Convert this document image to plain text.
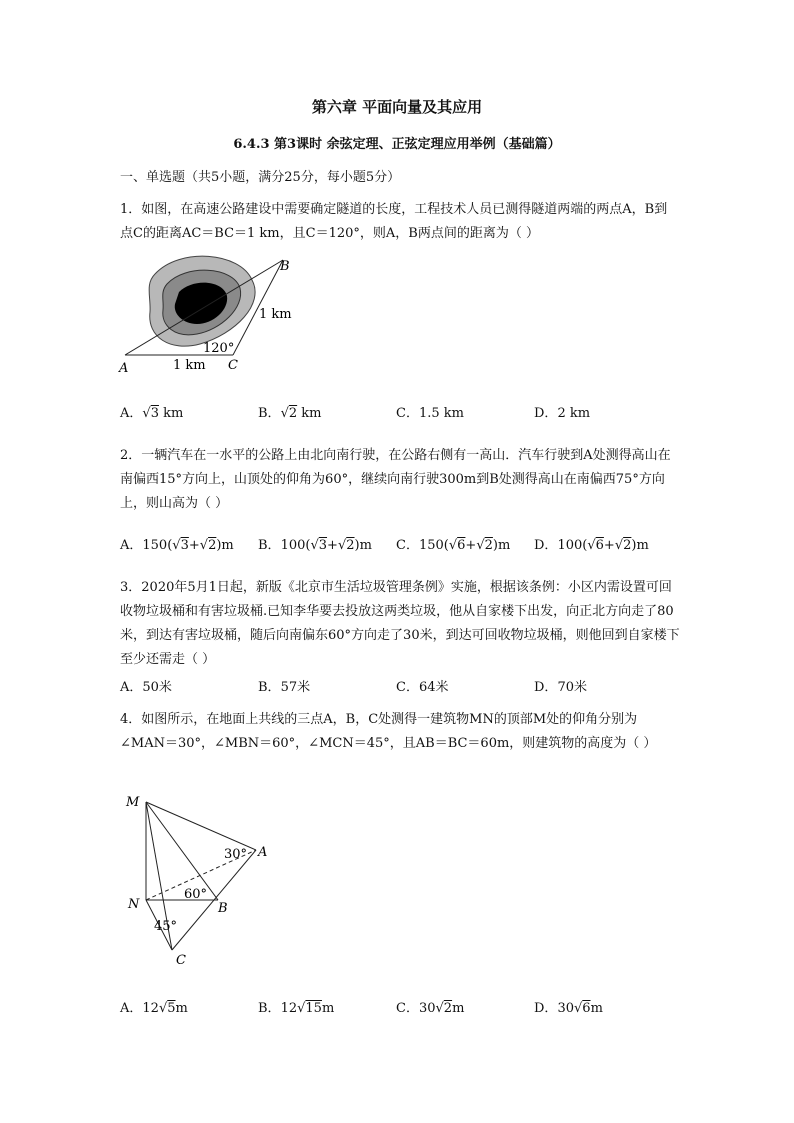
第六章 平面向量及其应用
6.4.3 第3课时 余弦定理、正弦定理应用举例（基础篇）
一、单选题（共5小题，满分25分，每小题5分）
1．如图，在高速公路建设中需要确定隧道的长度，工程技术人员已测得隧道两端的两点A，B到点C的距离AC＝BC＝1 km，且C＝120°，则A，B两点间的距离为（ ）
B
1 km
120°
A	1 km C
A．√3 km	B．√2 km	C．1.5 km	D．2 km
2．一辆汽车在一水平的公路上由北向南行驶，在公路右侧有一高山．汽车行驶到A处测得高山在南偏西15°方向上，山顶处的仰角为60°，继续向南行驶300m到B处测得高山在南偏西75°方向上，则山高为（ ）
A．150(√3+√2)m B．100(√3+√2)m C．150(√6+√2)m D．100(√6+√2)m
3．2020年5月1日起，新版《北京市生活垃圾管理条例》实施，根据该条例：小区内需设置可回收物垃圾桶和有害垃圾桶.已知李华要去投放这两类垃圾，他从自家楼下出发，向正北方向走了80米，到达有害垃圾桶，随后向南偏东60°方向走了30米，到达可回收物垃圾桶，则他回到自家楼下至少还需走（ ）
A．50米	B．57米	C．64米	D．70米
4．如图所示，在地面上共线的三点A，B，C处测得一建筑物MN的顶部M处的仰角分别为∠MAN＝30°，∠MBN＝60°，∠MCN＝45°，且AB＝BC＝60m，则建筑物的高度为（ ）
M
30° A
60°
N	B
45°
C
A．12√5m	B．12√15m	C．30√2m	D．30√6m
